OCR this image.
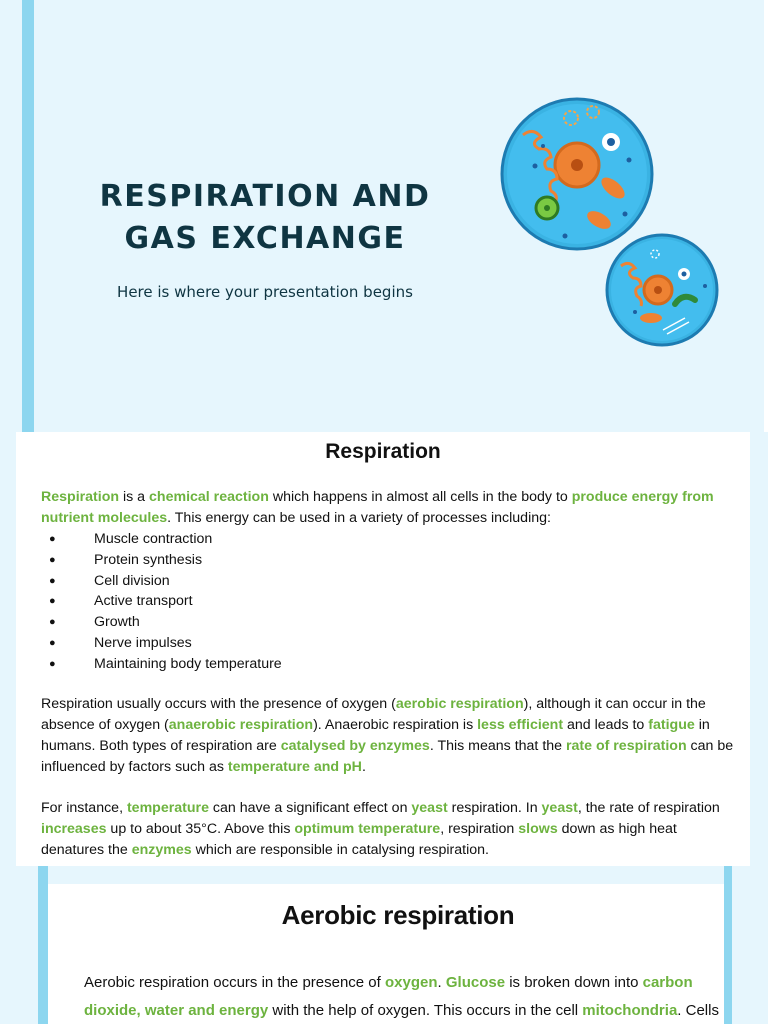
RESPIRATION AND
GAS EXCHANGE
Here is where your presentation begins
Respiration

Respiration is a chemical reaction which happens in almost all cells in the body to produce energy from nutrient molecules. This energy can be used in a variety of processes including:

● Muscle contraction
● Protein synthesis
● Cell division
● Active transport
● Growth
● Nerve impulses
● Maintaining body temperature

Respiration usually occurs with the presence of oxygen (aerobic respiration), although it can occur in the absence of oxygen (anaerobic respiration). Anaerobic respiration is less efficient and leads to fatigue in humans. Both types of respiration are catalysed by enzymes. This means that the rate of respiration can be influenced by factors such as temperature and pH.

For instance, temperature can have a significant effect on yeast respiration. In yeast, the rate of respiration increases up to about 35°C. Above this optimum temperature, respiration slows down as high heat denatures the enzymes which are responsible in catalysing respiration.

Aerobic respiration

Aerobic respiration occurs in the presence of oxygen. Glucose is broken down into carbon dioxide, water and energy with the help of oxygen. This occurs in the cell mitochondria. Cells
